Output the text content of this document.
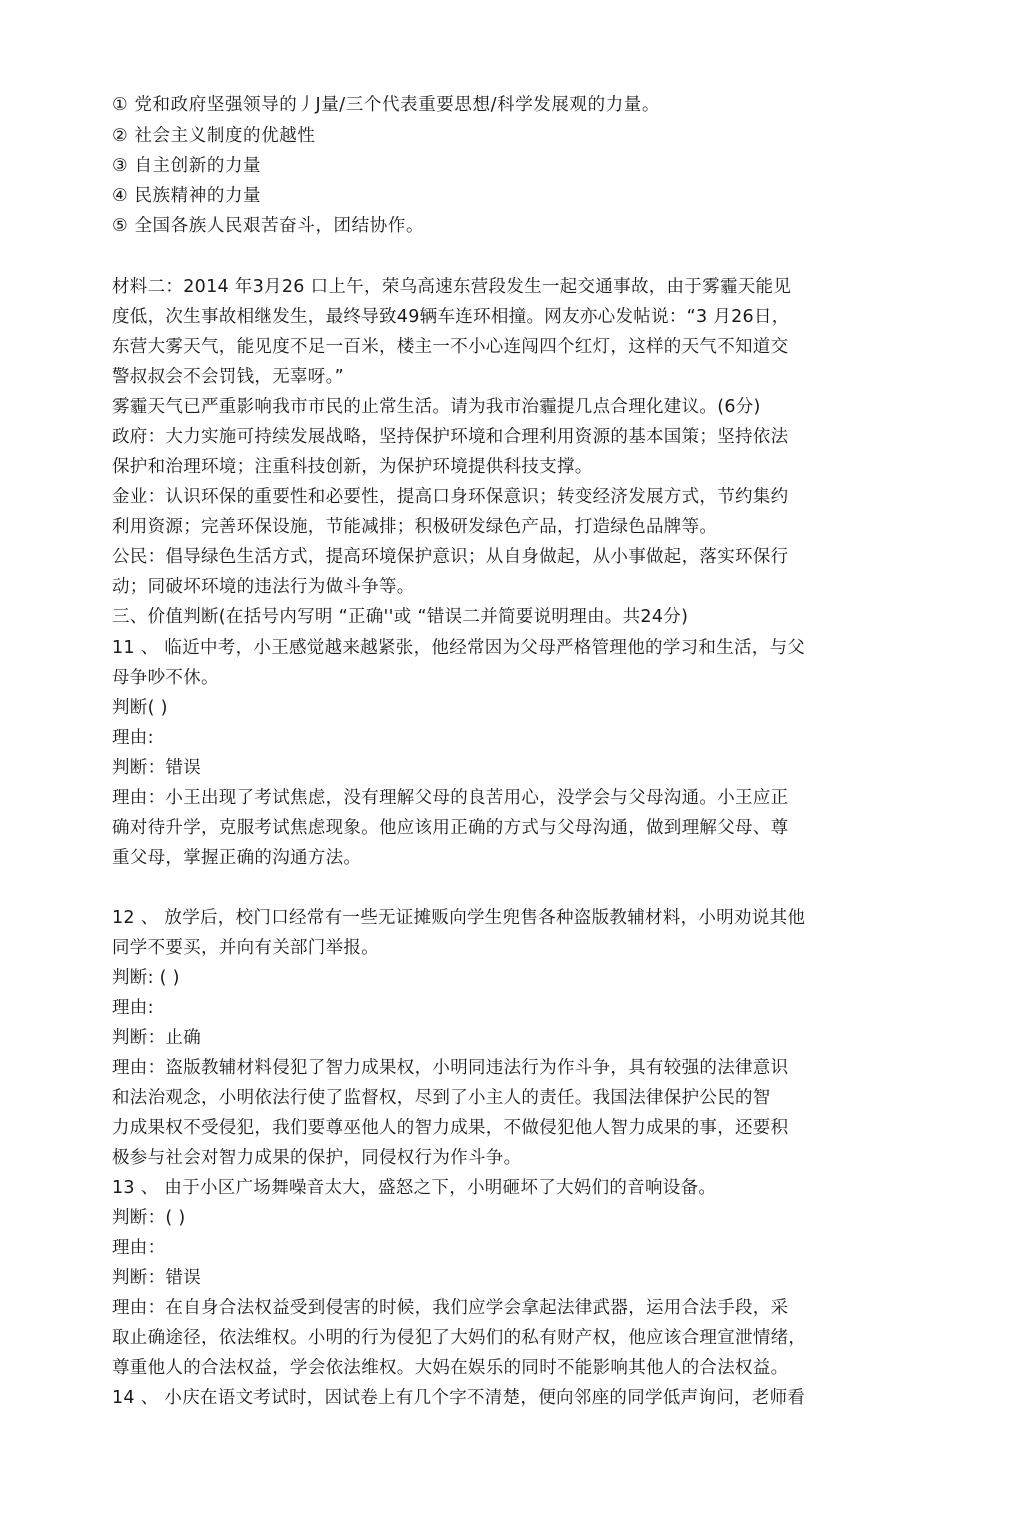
① 党和政府坚强领导的丿J量/三个代表重要思想/科学发展观的力量。
② 社会主义制度的优越性
③ 自主创新的力量
④ 民族精神的力量
⑤ 全国各族人民艰苦奋斗，团结协作。
材料二：2014 年3月26 口上午，荣乌高速东营段发生一起交通事故，由于雾霾天能见
度低，次生事故相继发生，最终导致49辆车连环相撞。网友亦心发帖说：“3 月26日，
东营大雾天气，能见度不足一百米，楼主一不小心连闯四个红灯，这样的天气不知道交
警叔叔会不会罚钱，无辜呀。”
雾霾天气已严重影响我市市民的止常生活。请为我市治霾提几点合理化建议。(6分)
政府：大力实施可持续发展战略，坚持保护环境和合理利用资源的基本国策；坚持依法
保护和治理环境；注重科技创新，为保护环境提供科技支撑。
金业：认识环保的重要性和必要性，提高口身环保意识；转变经济发展方式，节约集约
利用资源；完善环保设施，节能减排；积极研发绿色产品，打造绿色品牌等。
公民：倡导绿色生活方式，提高环境保护意识；从自身做起，从小事做起，落实环保行
动；同破坏环境的违法行为做斗争等。
三、价值判断(在括号内写明 “正确''或 “错误二并简要说明理由。共24分)
11 、 临近中考，小王感觉越来越紧张，他经常因为父母严格管理他的学习和生活，与父
母争吵不休。
判断( )
理由:
判断：错误
理由：小王出现了考试焦虑，没有理解父母的良苦用心，没学会与父母沟通。小王应正
确对待升学，克服考试焦虑现象。他应该用正确的方式与父母沟通，做到理解父母、尊
重父母，掌握正确的沟通方法。
12 、 放学后，校门口经常有一些无证摊贩向学生兜售各种盗版教辅材料，小明劝说其他
同学不要买，并向有关部门举报。
判断: ( )
理由:
判断：止确
理由：盗版教辅材料侵犯了智力成果权，小明同违法行为作斗争，具有较强的法律意识
和法治观念，小明依法行使了监督权，尽到了小主人的责任。我国法律保护公民的智
力成果权不受侵犯，我们要尊巫他人的智力成果，不做侵犯他人智力成果的事，还要积
极参与社会对智力成果的保护，同侵权行为作斗争。
13 、 由于小区广场舞噪音太大，盛怒之下，小明砸坏了大妈们的音响设备。
判断：( )
理由：
判断：错误
理由：在自身合法权益受到侵害的时候，我们应学会拿起法律武器，运用合法手段，采
取止确途径，依法维权。小明的行为侵犯了大妈们的私有财产权，他应该合理宣泄情绪，
尊重他人的合法权益，学会依法维权。大妈在娱乐的同时不能影响其他人的合法权益。
14 、 小庆在语文考试时，因试卷上有几个字不清楚，便向邻座的同学低声询问，老师看
